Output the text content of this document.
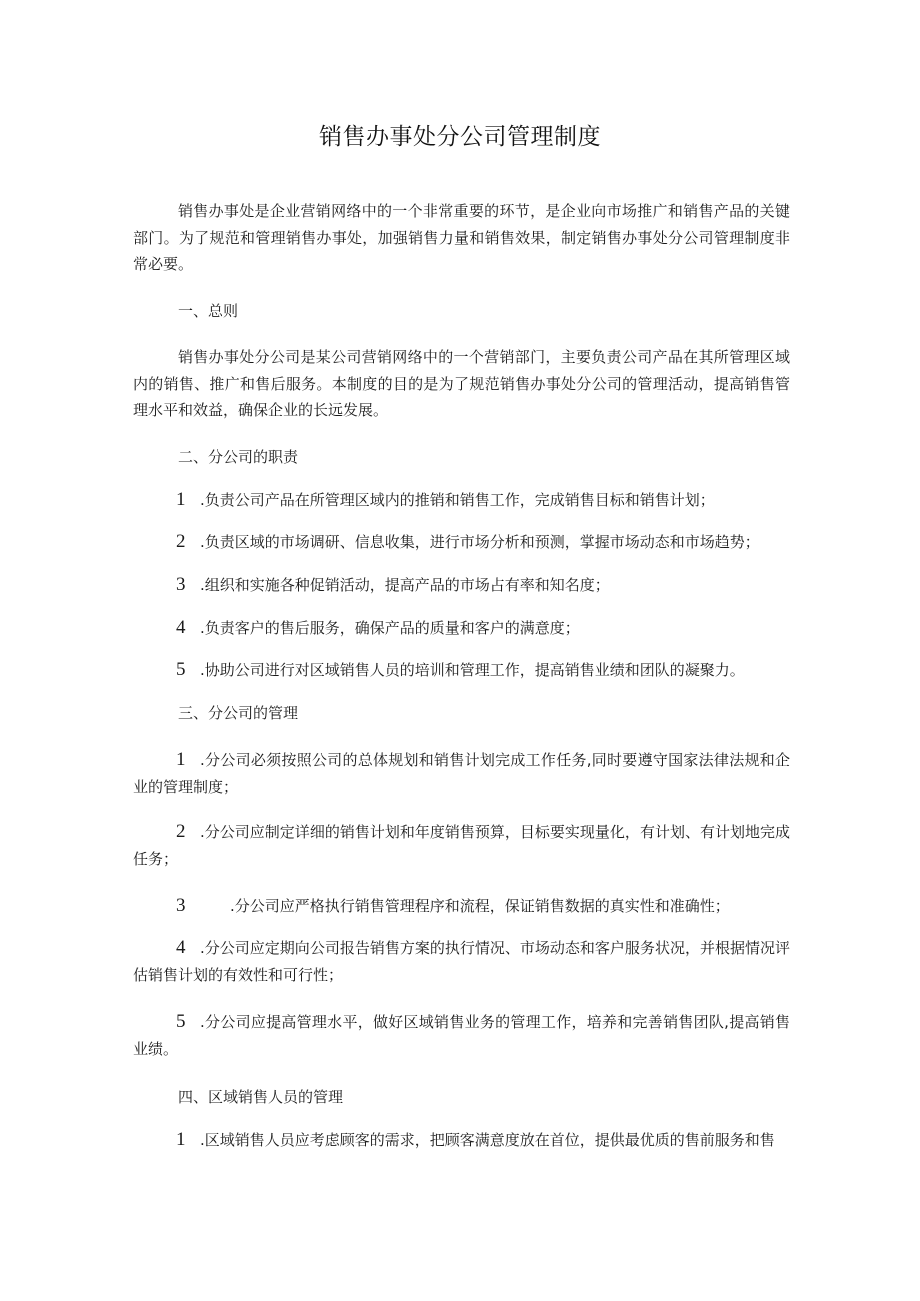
销售办事处分公司管理制度

销售办事处是企业营销网络中的一个非常重要的环节，是企业向市场推广和销售产品的关键部门。为了规范和管理销售办事处，加强销售力量和销售效果，制定销售办事处分公司管理制度非常必要。

一、总则

销售办事处分公司是某公司营销网络中的一个营销部门，主要负责公司产品在其所管理区域内的销售、推广和售后服务。本制度的目的是为了规范销售办事处分公司的管理活动，提高销售管理水平和效益，确保企业的长远发展。

二、分公司的职责

1 .负责公司产品在所管理区域内的推销和销售工作，完成销售目标和销售计划；

2 .负责区域的市场调研、信息收集，进行市场分析和预测，掌握市场动态和市场趋势；

3 .组织和实施各种促销活动，提高产品的市场占有率和知名度；

4 .负责客户的售后服务，确保产品的质量和客户的满意度；

5 .协助公司进行对区域销售人员的培训和管理工作，提高销售业绩和团队的凝聚力。

三、分公司的管理

1 .分公司必须按照公司的总体规划和销售计划完成工作任务,同时要遵守国家法律法规和企业的管理制度；

2 .分公司应制定详细的销售计划和年度销售预算，目标要实现量化，有计划、有计划地完成任务；

3	.分公司应严格执行销售管理程序和流程，保证销售数据的真实性和准确性；

4 .分公司应定期向公司报告销售方案的执行情况、市场动态和客户服务状况，并根据情况评估销售计划的有效性和可行性；

5 .分公司应提高管理水平，做好区域销售业务的管理工作，培养和完善销售团队,提高销售业绩。

四、区域销售人员的管理

1 .区域销售人员应考虑顾客的需求，把顾客满意度放在首位，提供最优质的售前服务和售
